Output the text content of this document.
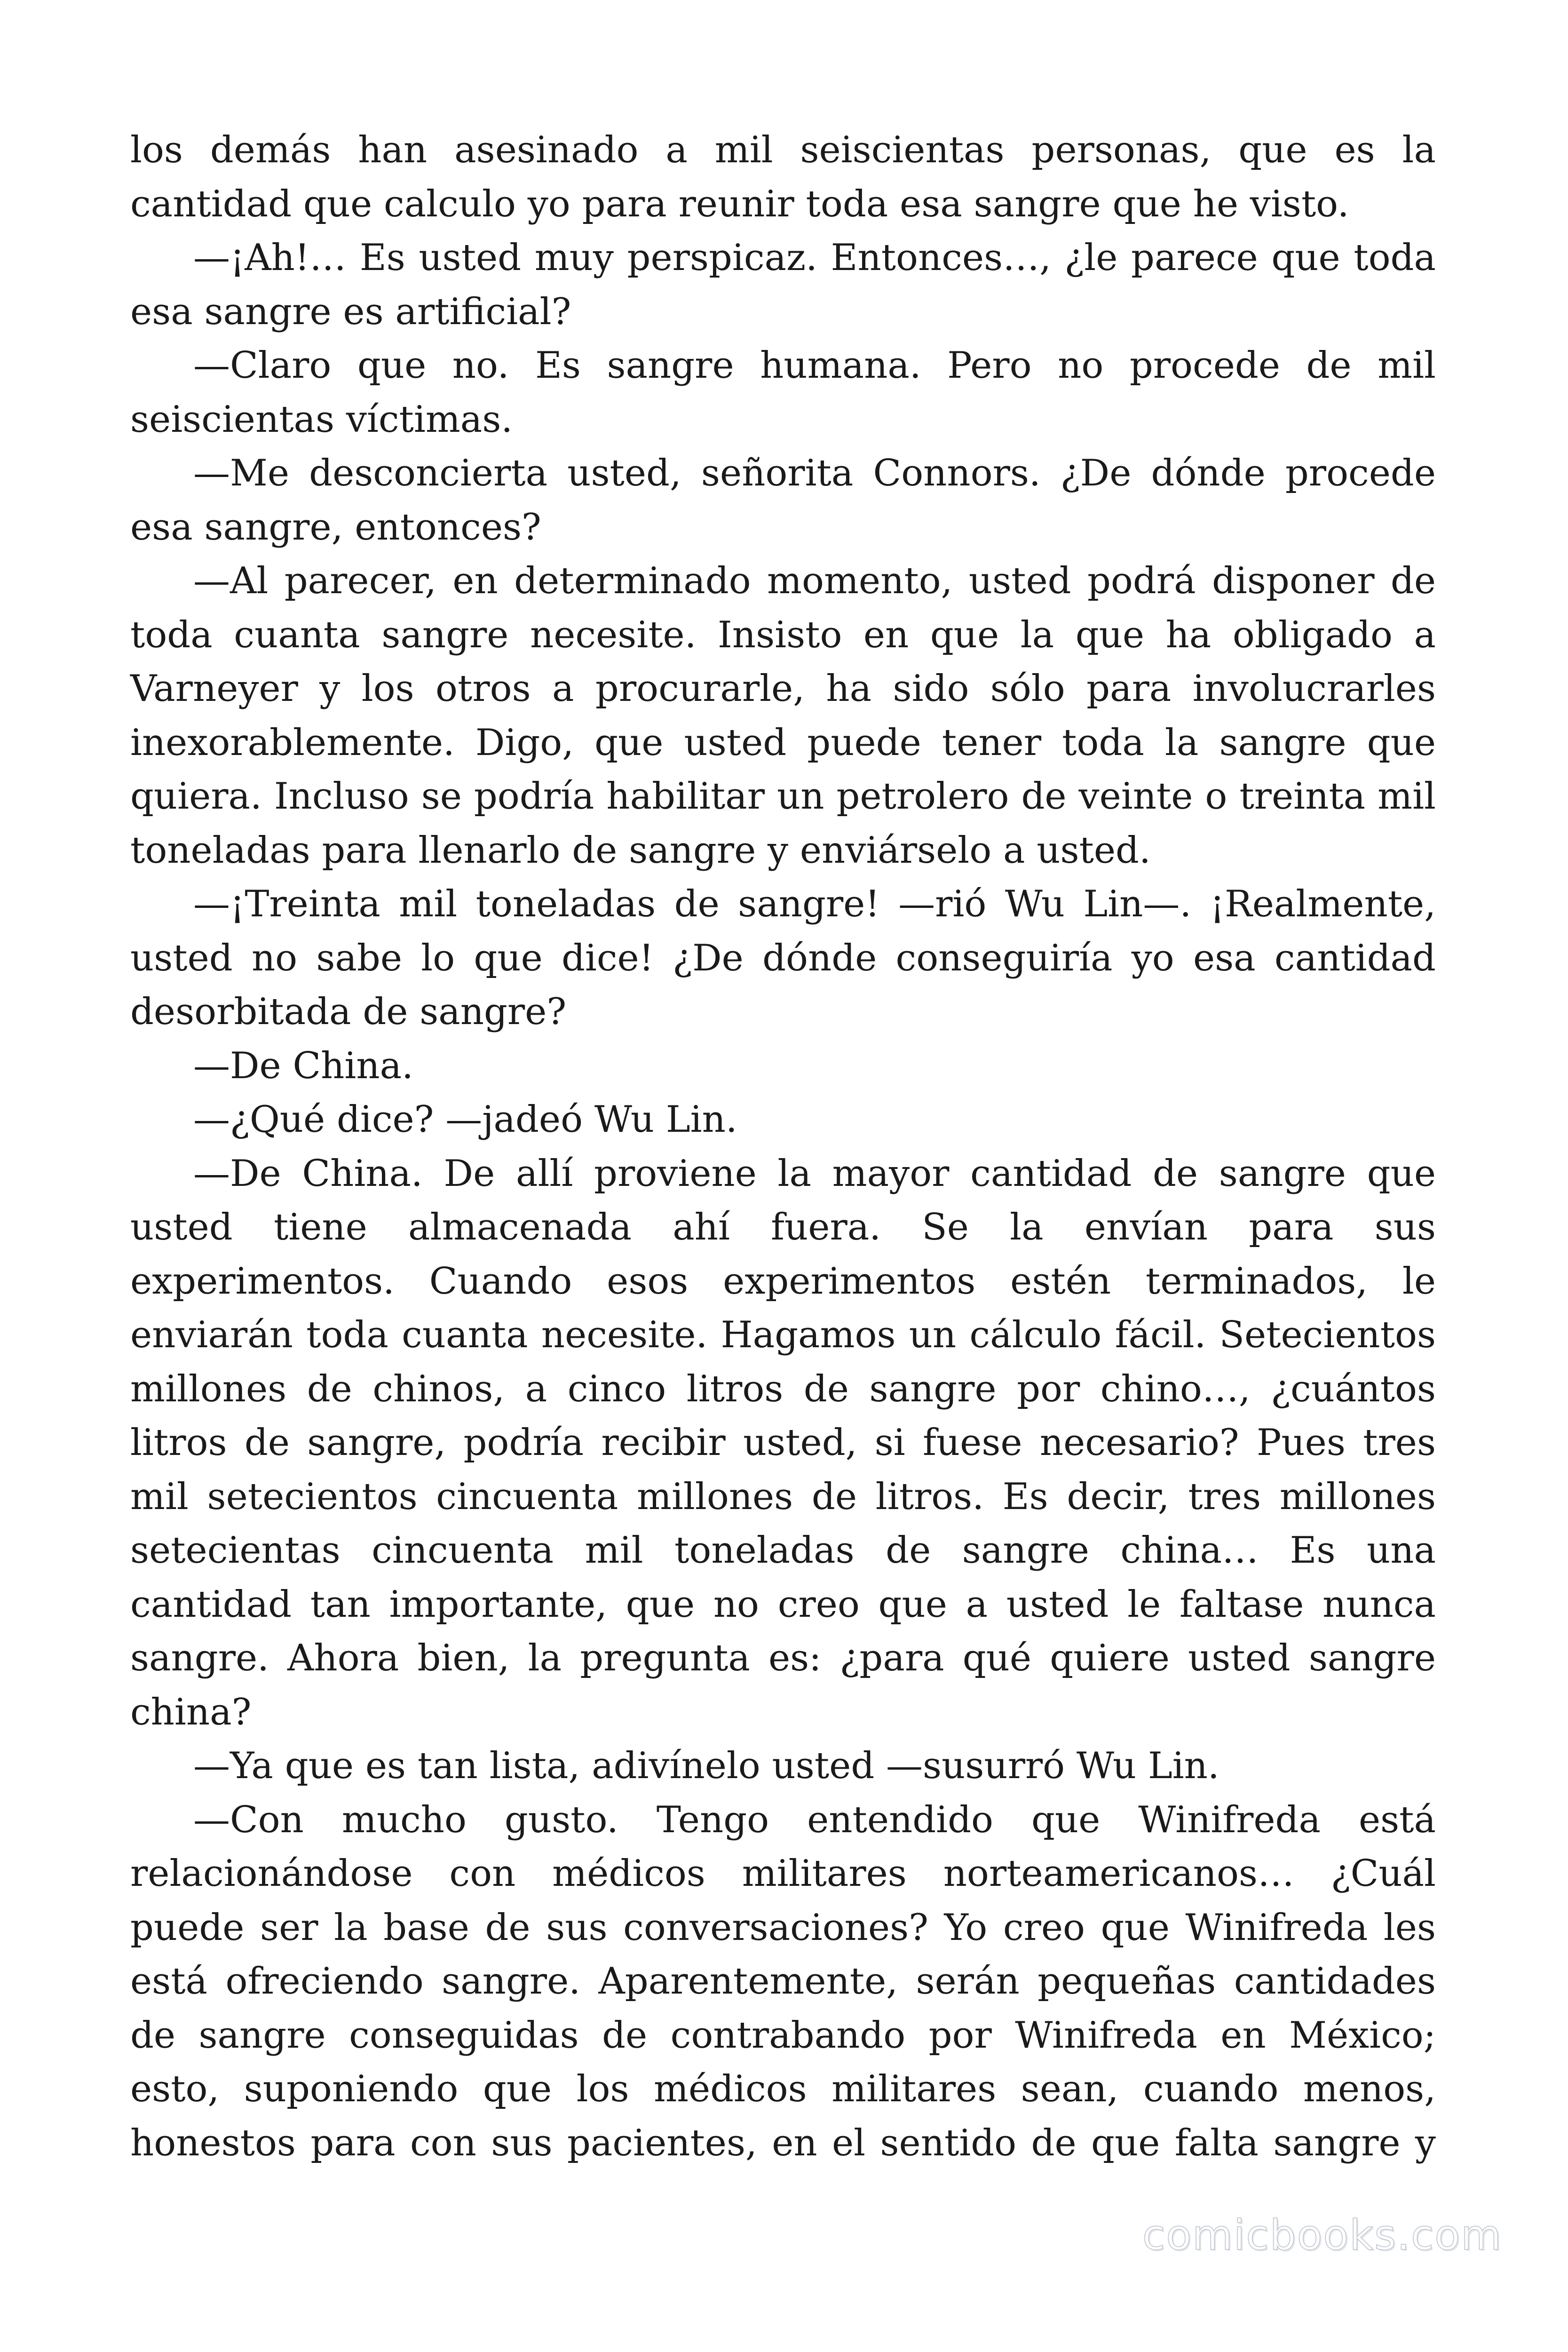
los demás han asesinado a mil seiscientas personas, que es la cantidad que calculo yo para reunir toda esa sangre que he visto.

—¡Ah!… Es usted muy perspicaz. Entonces…, ¿le parece que toda esa sangre es artificial?

—Claro que no. Es sangre humana. Pero no procede de mil seiscientas víctimas.

—Me desconcierta usted, señorita Connors. ¿De dónde procede esa sangre, entonces?

—Al parecer, en determinado momento, usted podrá disponer de toda cuanta sangre necesite. Insisto en que la que ha obligado a Varneyer y los otros a procurarle, ha sido sólo para involucrarles inexorablemente. Digo, que usted puede tener toda la sangre que quiera. Incluso se podría habilitar un petrolero de veinte o treinta mil toneladas para llenarlo de sangre y enviárselo a usted.

—¡Treinta mil toneladas de sangre! —rió Wu Lin—. ¡Realmente, usted no sabe lo que dice! ¿De dónde conseguiría yo esa cantidad desorbitada de sangre?

—De China.

—¿Qué dice? —jadeó Wu Lin.

—De China. De allí proviene la mayor cantidad de sangre que usted tiene almacenada ahí fuera. Se la envían para sus experimentos. Cuando esos experimentos estén terminados, le enviarán toda cuanta necesite. Hagamos un cálculo fácil. Setecientos millones de chinos, a cinco litros de sangre por chino…, ¿cuántos litros de sangre, podría recibir usted, si fuese necesario? Pues tres mil setecientos cincuenta millones de litros. Es decir, tres millones setecientas cincuenta mil toneladas de sangre china… Es una cantidad tan importante, que no creo que a usted le faltase nunca sangre. Ahora bien, la pregunta es: ¿para qué quiere usted sangre china?

—Ya que es tan lista, adivínelo usted —susurró Wu Lin.

—Con mucho gusto. Tengo entendido que Winifreda está relacionándose con médicos militares norteamericanos… ¿Cuál puede ser la base de sus conversaciones? Yo creo que Winifreda les está ofreciendo sangre. Aparentemente, serán pequeñas cantidades de sangre conseguidas de contrabando por Winifreda en México; esto, suponiendo que los médicos militares sean, cuando menos, honestos para con sus pacientes, en el sentido de que falta sangre y

comicbooks.com
